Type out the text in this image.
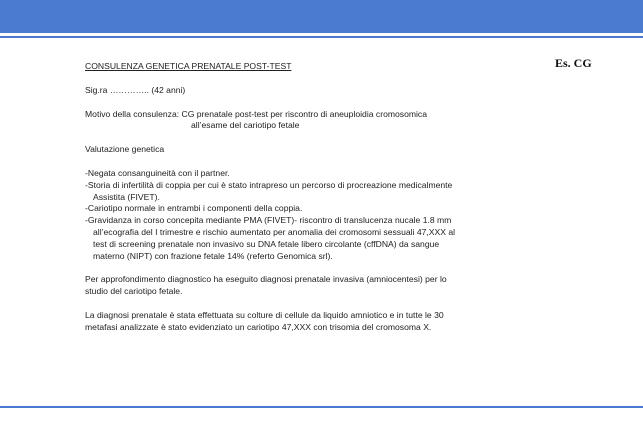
Es. CG

CONSULENZA GENETICA PRENATALE POST-TEST

Sig.ra ………….. (42 anni)

Motivo della consulenza: CG prenatale post-test per riscontro di aneuploidia cromosomica

all’esame del cariotipo fetale

Valutazione genetica

-Negata consanguineità con il partner.

-Storia di infertilità di coppia per cui è stato intrapreso un percorso di procreazione medicalmente

Assistita (FIVET).

-Cariotipo normale in entrambi i componenti della coppia.

-Gravidanza in corso concepita mediante PMA (FIVET)- riscontro di translucenza nucale 1.8 mm

all’ecografia del I trimestre e rischio aumentato per anomalia dei cromosomi sessuali 47,XXX al

test di screening prenatale non invasivo su DNA fetale libero circolante (cffDNA) da sangue

materno (NIPT) con frazione fetale 14% (referto Genomica srl).

Per approfondimento diagnostico ha eseguito diagnosi prenatale invasiva (amniocentesi) per lo

studio del cariotipo fetale.

La diagnosi prenatale è stata effettuata su colture di cellule da liquido amniotico e in tutte le 30

metafasi analizzate è stato evidenziato un cariotipo 47,XXX con trisomia del cromosoma X.
